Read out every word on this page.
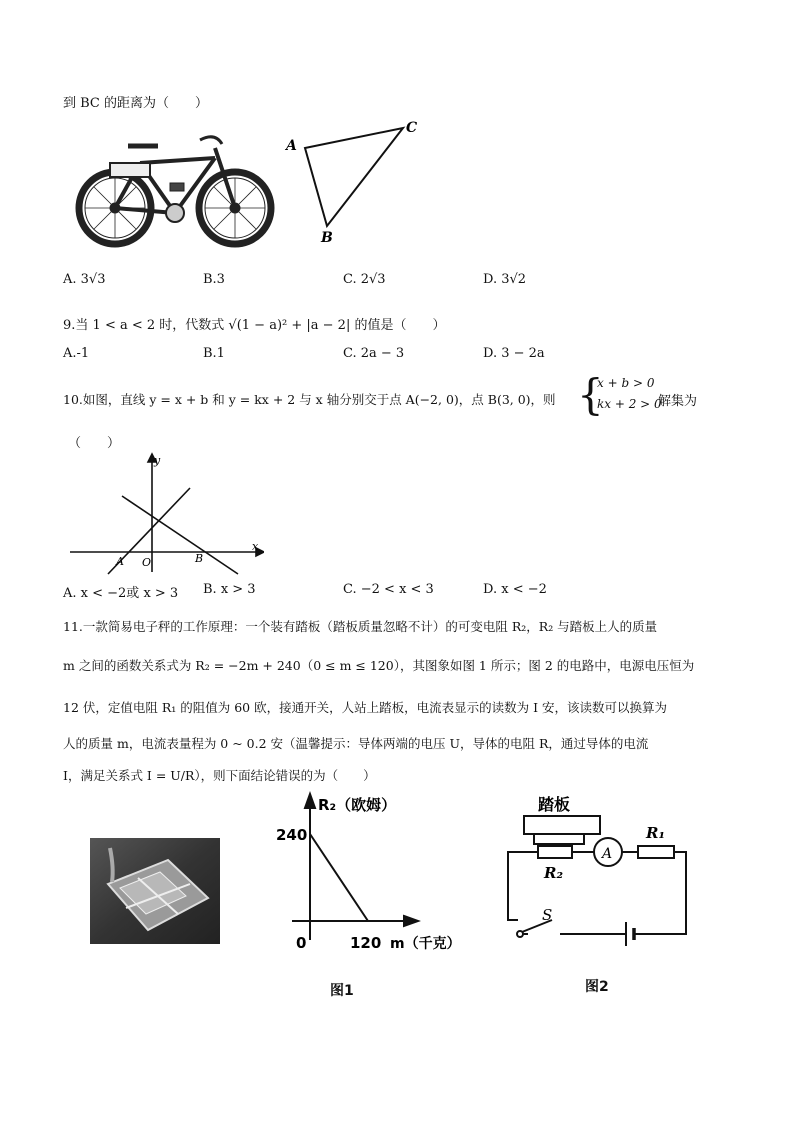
到 BC 的距离为（　　）
A
C
B
A. 3√3	B.3	C. 2√3	D. 3√2
9.当 1 < a < 2 时，代数式 √(1 − a)² + |a − 2| 的值是（　　）
A.-1	B.1	C. 2a − 3	D. 3 − 2a
10.如图，直线 y = x + b 和 y = kx + 2 与 x 轴分别交于点 A(−2, 0)，点 B(3, 0)，则 {
x + b > 0
kx + 2 > 0
解集为
（　　）
y
x
O
A	B
A. x < −2或 x > 3 B. x > 3	C. −2 < x < 3	D. x < −2
11.一款简易电子秤的工作原理：一个装有踏板（踏板质量忽略不计）的可变电阻 R₂，R₂ 与踏板上人的质量
m 之间的函数关系式为 R₂ = −2m + 240（0 ≤ m ≤ 120），其图象如图 1 所示；图 2 的电路中，电源电压恒为
12 伏，定值电阻 R₁ 的阻值为 60 欧，接通开关，人站上踏板，电流表显示的读数为 I 安，该读数可以换算为
人的质量 m，电流表量程为 0 ~ 0.2 安（温馨提示：导体两端的电压 U，导体的电阻 R，通过导体的电流
I，满足关系式 I = U/R），则下面结论错误的为（　　）
R₂（欧姆）
240
0	120 m（千克）
图1
踏板
R₁
R₂
A
S
图2
